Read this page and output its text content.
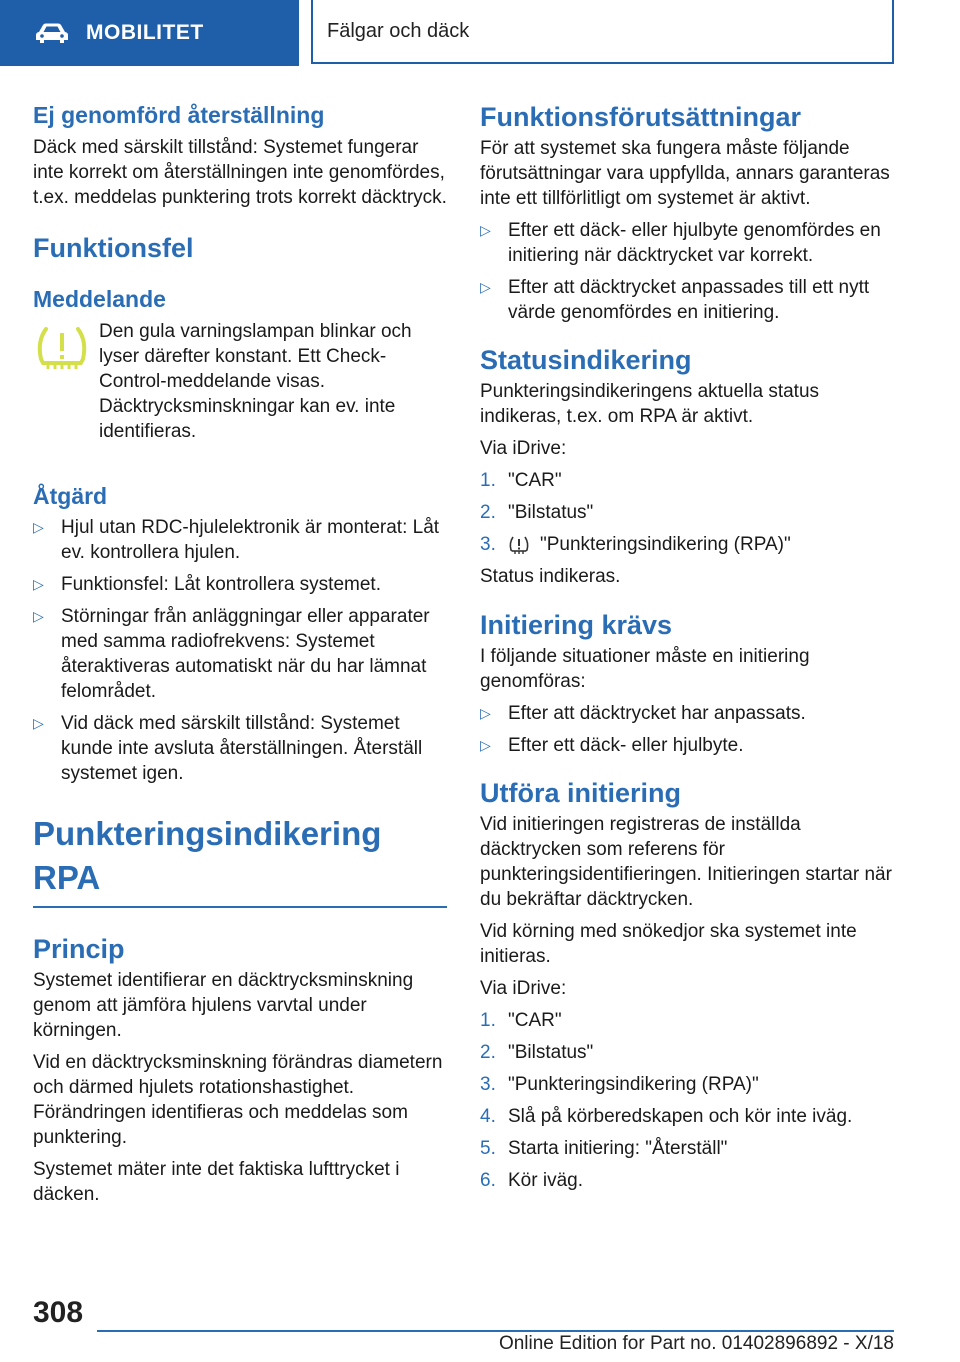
MOBILITET	Fälgar och däck
Ej genomförd återställning

Däck med särskilt tillstånd: Systemet fungerar inte korrekt om återställningen inte genomfördes, t.ex. meddelas punktering trots korrekt däcktryck.

Funktionsfel
Meddelande

Den gula varningslampan blinkar och lyser därefter konstant. Ett Check-Control-meddelande visas. Däcktrycksminskningar kan ev. inte identifieras.

Åtgärd
▷ Hjul utan RDC-hjulelektronik är monterat: Låt ev. kontrollera hjulen.
▷ Funktionsfel: Låt kontrollera systemet.
▷ Störningar från anläggningar eller apparater med samma radiofrekvens: Systemet återaktiveras automatiskt när du har lämnat felområdet.
▷ Vid däck med särskilt tillstånd: Systemet kunde inte avsluta återställningen. Återställ systemet igen.
Punkteringsindikering RPA
Princip

Systemet identifierar en däcktrycksminskning genom att jämföra hjulens varvtal under körningen.

Vid en däcktrycksminskning förändras diametern och därmed hjulets rotationshastighet. Förändringen identifieras och meddelas som punktering.

Systemet mäter inte det faktiska lufttrycket i däcken.

Funktionsförutsättningar

För att systemet ska fungera måste följande förutsättningar vara uppfyllda, annars garanteras inte ett tillförlitligt om systemet är aktivt.

▷ Efter ett däck- eller hjulbyte genomfördes en initiering när däcktrycket var korrekt.
▷ Efter att däcktrycket anpassades till ett nytt värde genomfördes en initiering.
Statusindikering

Punkteringsindikeringens aktuella status indikeras, t.ex. om RPA är aktivt.

Via iDrive:

1. "CAR"
2. "Bilstatus"
3.	"Punkteringsindikering (RPA)"

Status indikeras.

Initiering krävs

I följande situationer måste en initiering genomföras:

▷ Efter att däcktrycket har anpassats.
▷ Efter ett däck- eller hjulbyte.
Utföra initiering

Vid initieringen registreras de inställda däcktrycken som referens för punkteringsidentifieringen. Initieringen startar när du bekräftar däcktrycken.

Vid körning med snökedjor ska systemet inte initieras.

Via iDrive:

1. "CAR"
2. "Bilstatus"
3. "Punkteringsindikering (RPA)"
4. Slå på körberedskapen och kör inte iväg.
5. Starta initiering: "Återställ"
6. Kör iväg.
308
Online Edition for Part no. 01402896892 - X/18
